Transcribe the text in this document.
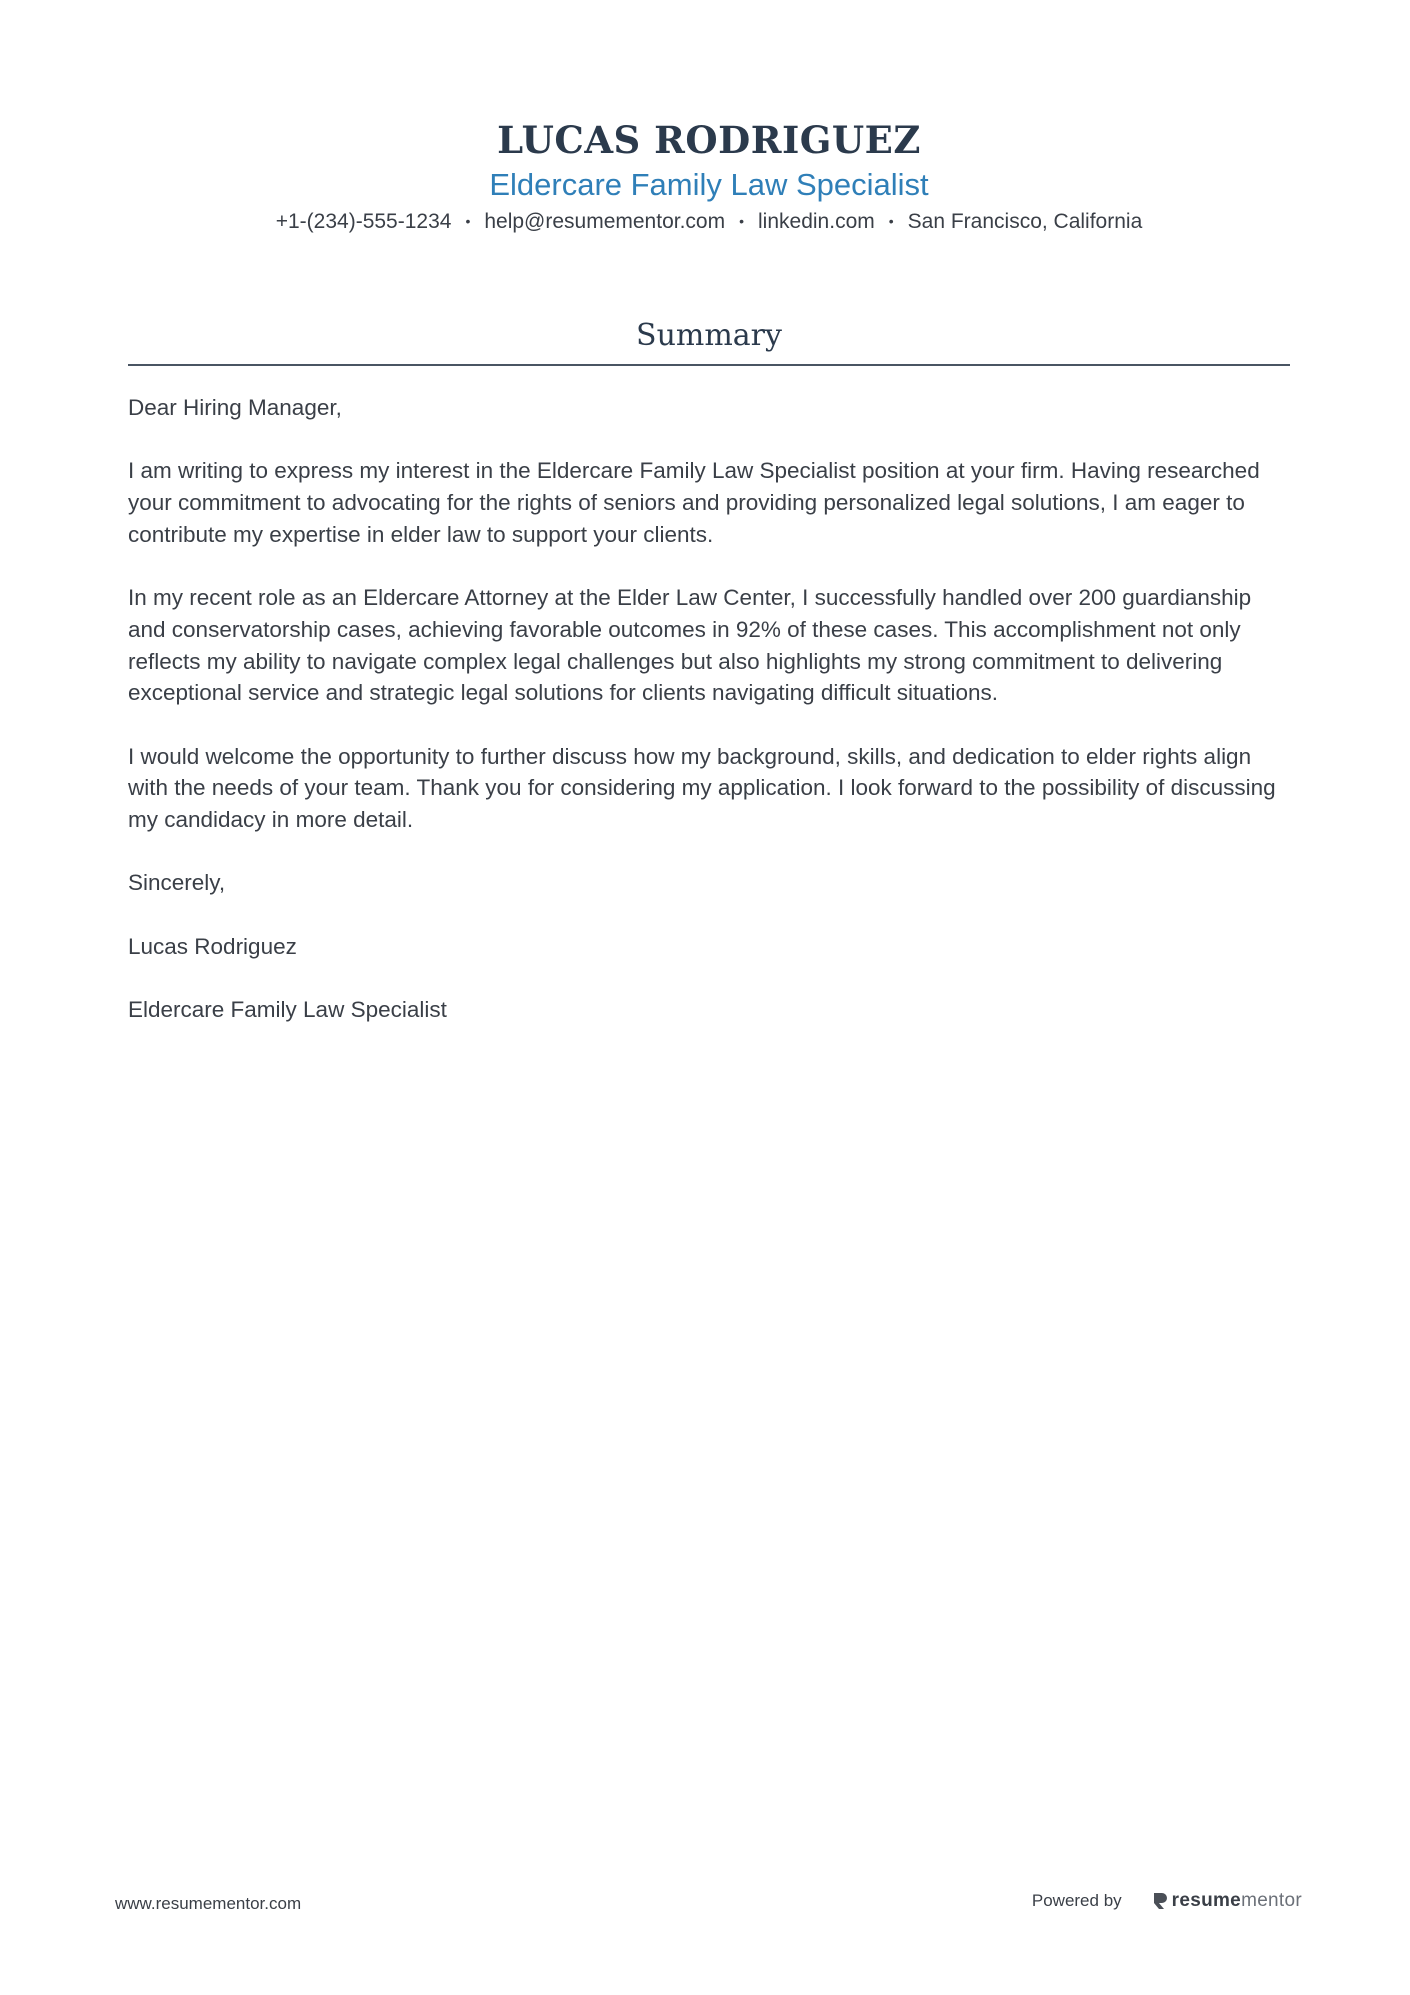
LUCAS RODRIGUEZ
Eldercare Family Law Specialist
+1-(234)-555-1234 • help@resumementor.com • linkedin.com • San Francisco, California
Summary

Dear Hiring Manager,

I am writing to express my interest in the Eldercare Family Law Specialist position at your firm. Having researched your commitment to advocating for the rights of seniors and providing personalized legal solutions, I am eager to contribute my expertise in elder law to support your clients.

In my recent role as an Eldercare Attorney at the Elder Law Center, I successfully handled over 200 guardianship and conservatorship cases, achieving favorable outcomes in 92% of these cases. This accomplishment not only reflects my ability to navigate complex legal challenges but also highlights my strong commitment to delivering exceptional service and strategic legal solutions for clients navigating difficult situations.

I would welcome the opportunity to further discuss how my background, skills, and dedication to elder rights align with the needs of your team. Thank you for considering my application. I look forward to the possibility of discussing my candidacy in more detail.

Sincerely,

Lucas Rodriguez

Eldercare Family Law Specialist

www.resumementor.com	Powered by	resume mentor
